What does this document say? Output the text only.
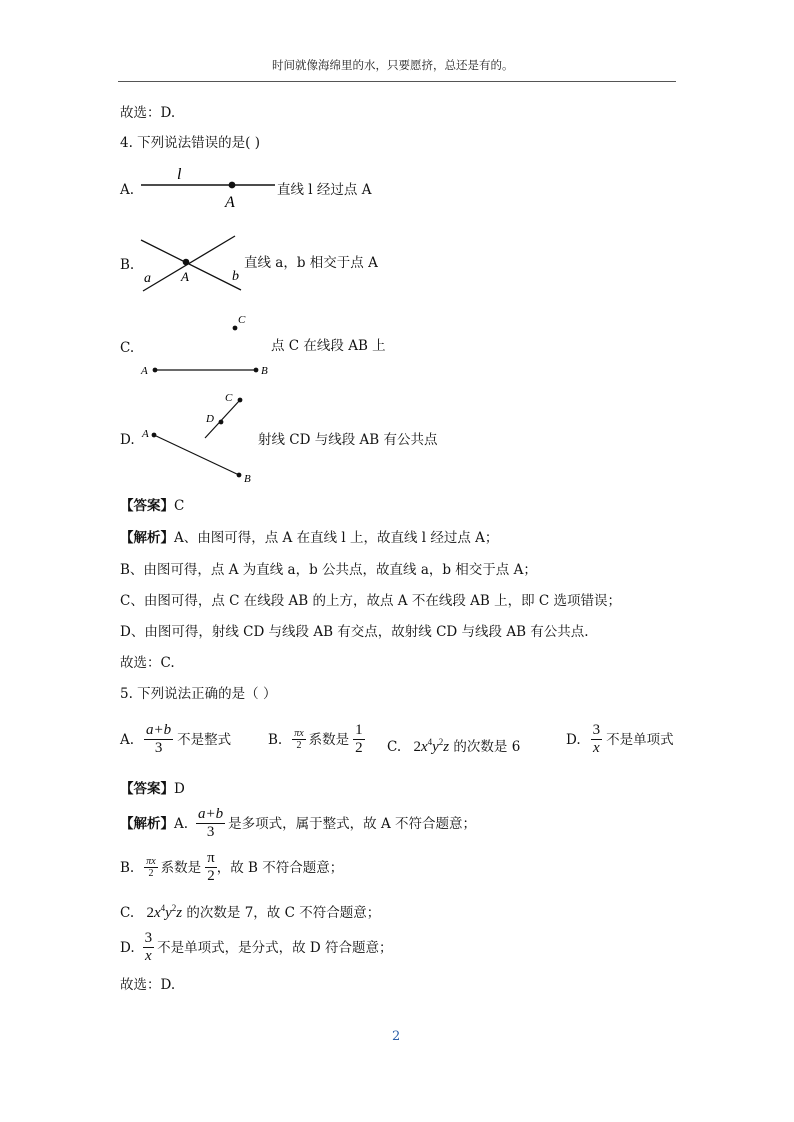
时间就像海绵里的水，只要愿挤，总还是有的。
故选：D.
4. 下列说法错误的是( )
A.
l
A
直线 l 经过点 A
B.
a A	b
直线 a，b 相交于点 A
C.
C
A	B
点 C 在线段 AB 上
D.
C
D
A
B
射线 CD 与线段 AB 有公共点
【答案】C
【解析】A、由图可得，点 A 在直线 l 上，故直线 l 经过点 A；
B、由图可得，点 A 为直线 a，b 公共点，故直线 a，b 相交于点 A；
C、由图可得，点 C 在线段 AB 的上方，故点 A 不在线段 AB 上，即 C 选项错误；
D、由图可得，射线 CD 与线段 AB 有交点，故射线 CD 与线段 AB 有公共点.
故选：C.
5. 下列说法正确的是（ ）
A. $\frac{a+b}{3}$ 不是整式	B. $\frac{\pi x}{2}$ 系数是 $\frac{1}{2} C$. $2x^4y^2z$ 的次数是 6	D. $\frac{3}{x}$ 不是单项式
【答案】D
【解析】 A. $\frac{a+b}{3}$ 是多项式，属于整式，故 A 不符合题意；
B. $\frac{\pi x}{2}$ 系数是 $\frac{\pi}{2}$ ，故 B 不符合题意；
C. $2x^4y^2z$ 的次数是 7，故 C 不符合题意；
D. $\frac{3}{x}$ 不是单项式，是分式，故 D 符合题意；
故选：D.
2
